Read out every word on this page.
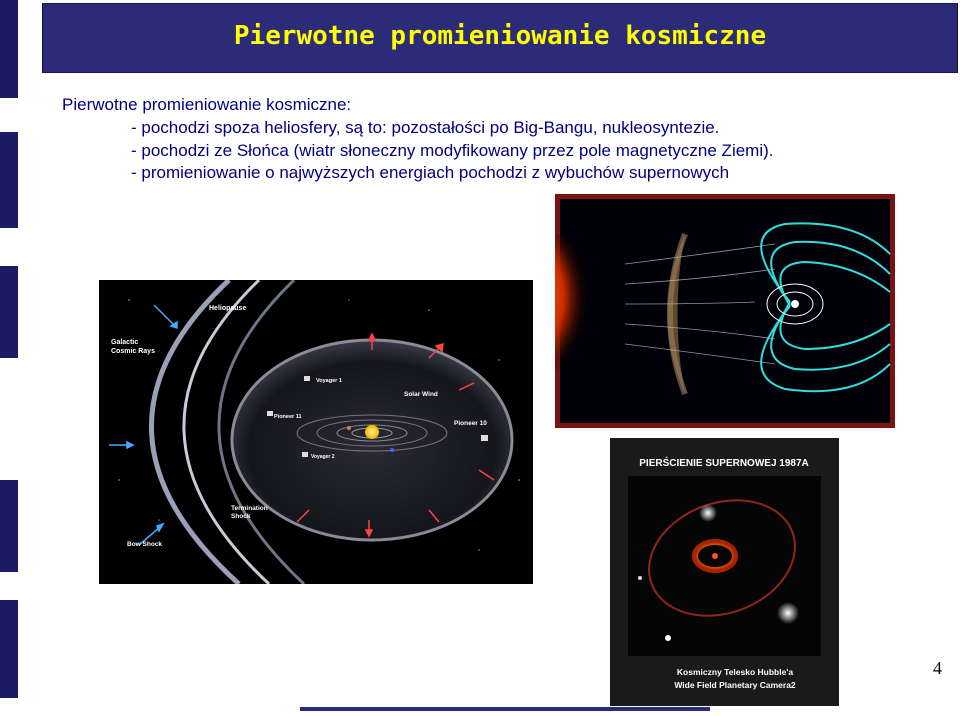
Pierwotne promieniowanie kosmiczne
Pierwotne promieniowanie kosmiczne:
- pochodzi spoza heliosfery, są to: pozostałości po Big-Bangu, nukleosyntezie.
- pochodzi ze Słońca (wiatr słoneczny modyfikowany przez pole magnetyczne Ziemi).
- promieniowanie o najwyższych energiach pochodzi z wybuchów supernowych
Heliopause
Galactic
Cosmic Rays
Voyager 1
Solar Wind
Pioneer 11
Pioneer 10
Voyager 2
Termination
Shock
Bow Shock
PIERŚCIENIE SUPERNOWEJ 1987A
Kosmiczny Telesko Hubble'a
Wide Field Planetary Camera2
4
